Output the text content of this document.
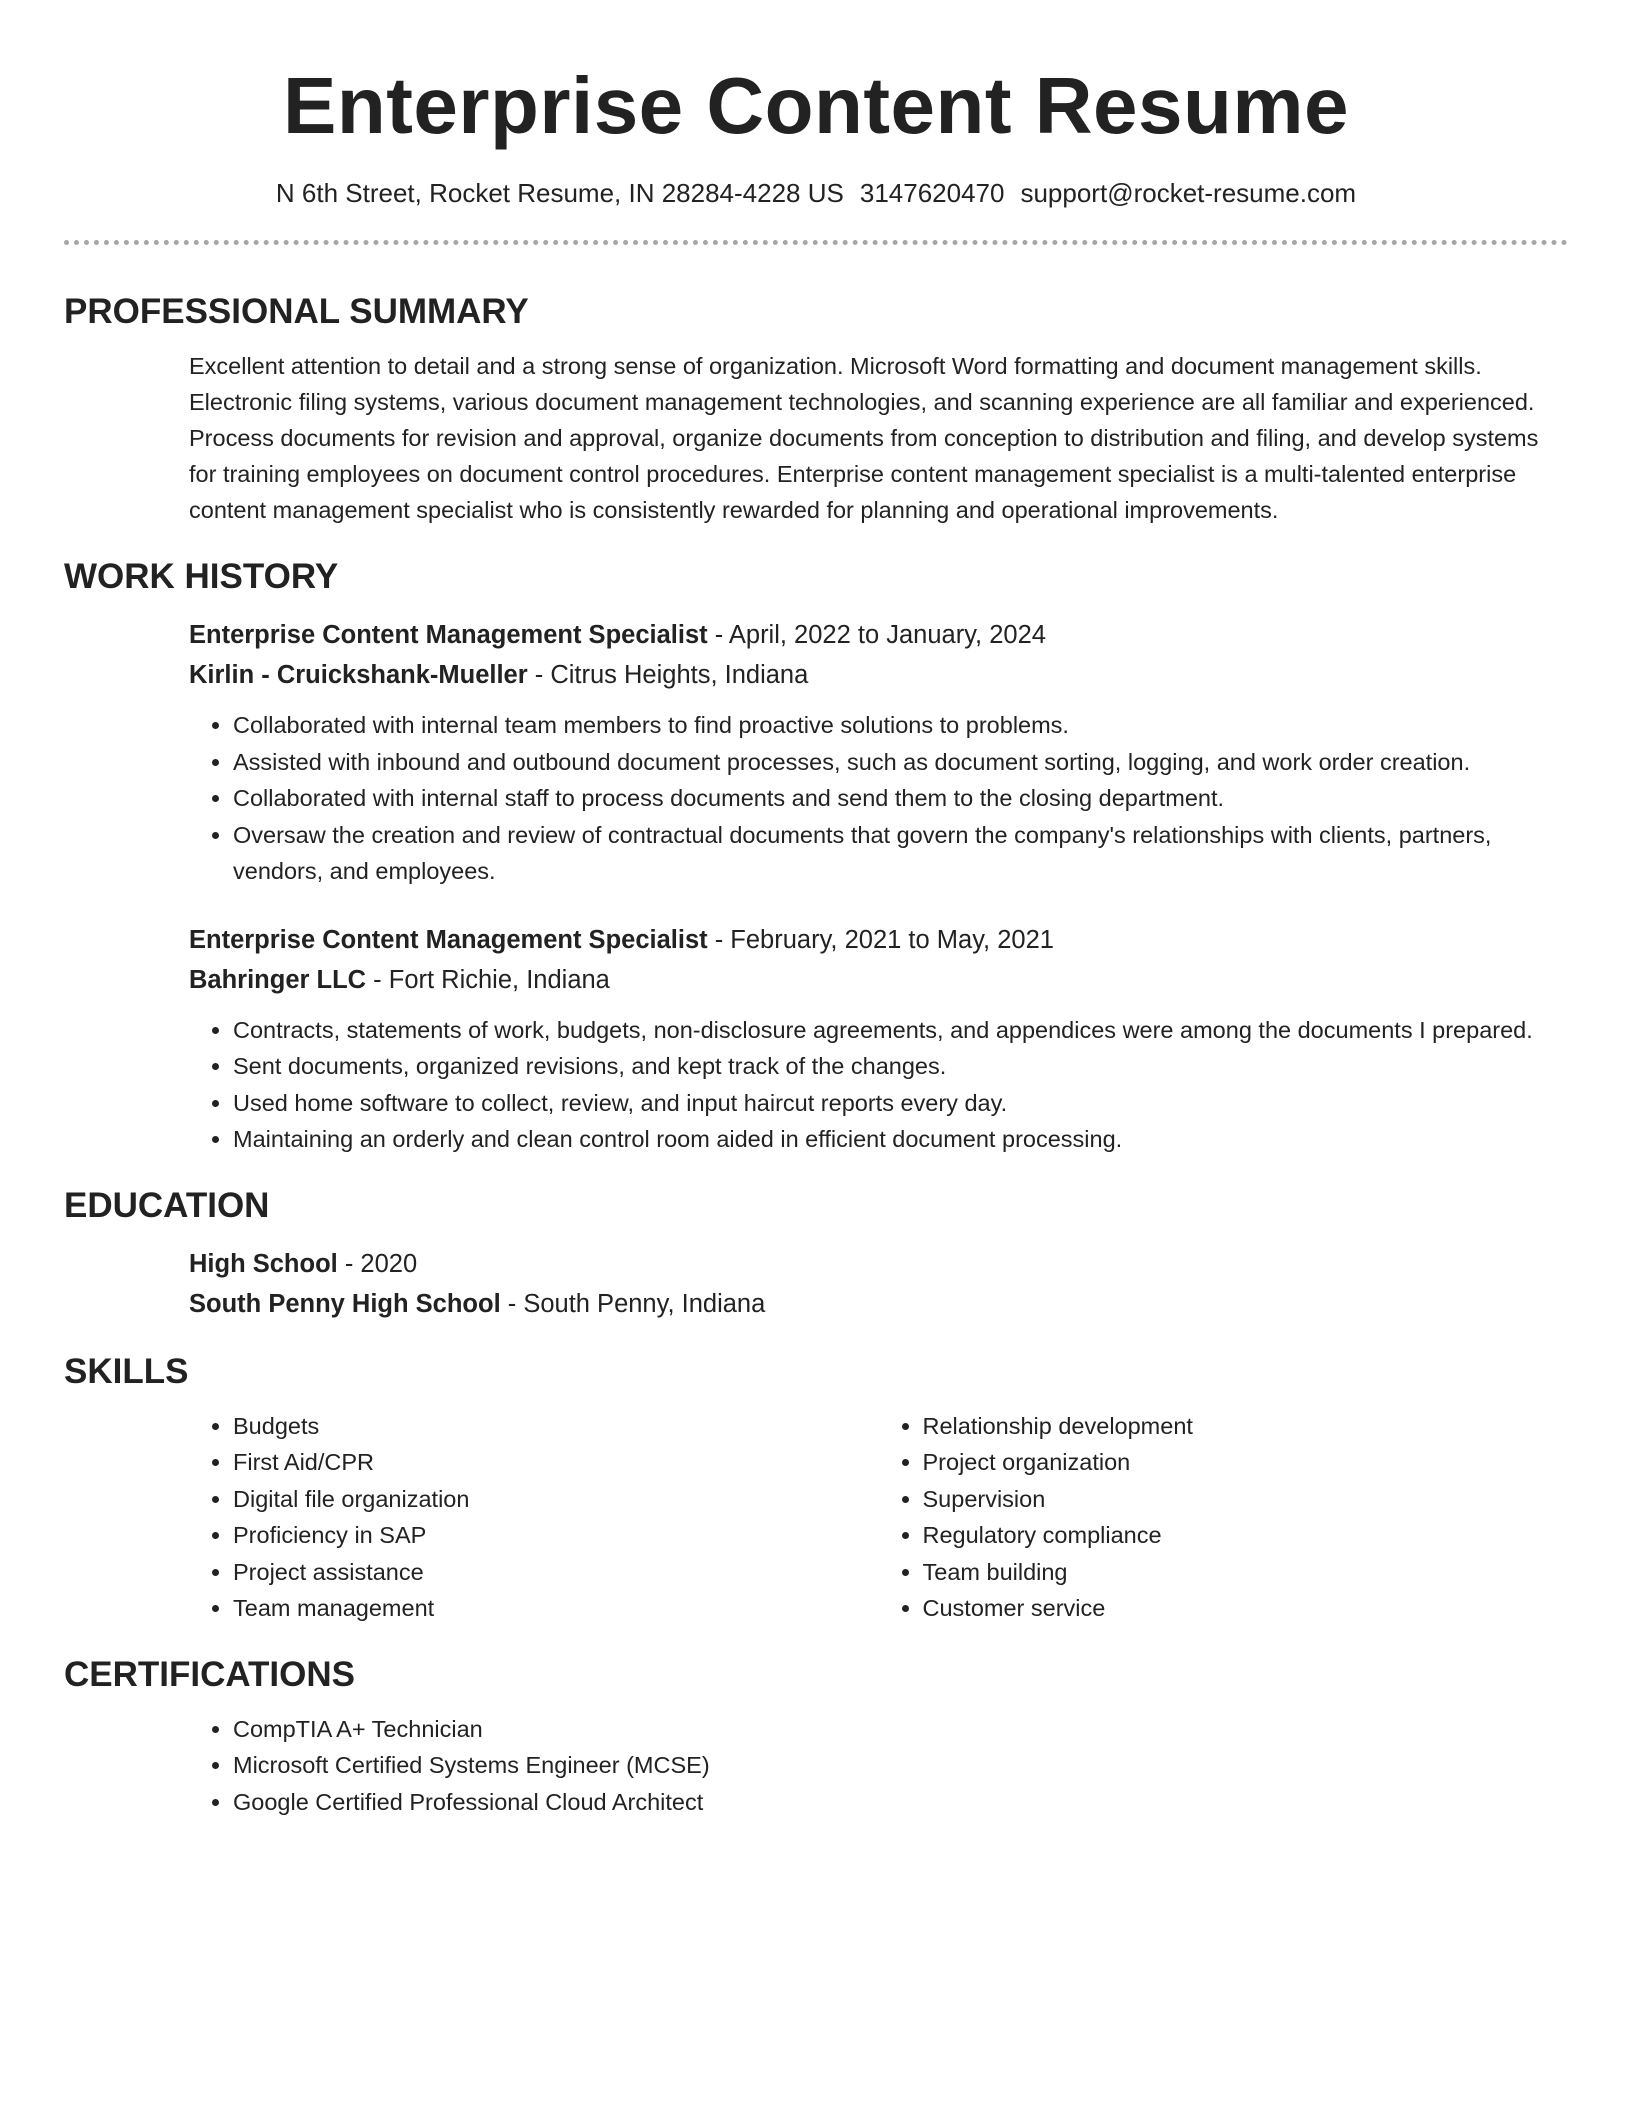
Enterprise Content Resume
N 6th Street, Rocket Resume, IN 28284-4228 US 3147620470 support@rocket-resume.com
PROFESSIONAL SUMMARY

Excellent attention to detail and a strong sense of organization. Microsoft Word formatting and document management skills. Electronic filing systems, various document management technologies, and scanning experience are all familiar and experienced. Process documents for revision and approval, organize documents from conception to distribution and filing, and develop systems for training employees on document control procedures. Enterprise content management specialist is a multi-talented enterprise content management specialist who is consistently rewarded for planning and operational improvements.

WORK HISTORY
Enterprise Content Management Specialist - April, 2022 to January, 2024
Kirlin - Cruickshank-Mueller - Citrus Heights, Indiana
• Collaborated with internal team members to find proactive solutions to problems.
• Assisted with inbound and outbound document processes, such as document sorting, logging, and work order creation.
• Collaborated with internal staff to process documents and send them to the closing department.
• Oversaw the creation and review of contractual documents that govern the company's relationships with clients, partners, vendors, and employees.
Enterprise Content Management Specialist - February, 2021 to May, 2021
Bahringer LLC - Fort Richie, Indiana
• Contracts, statements of work, budgets, non-disclosure agreements, and appendices were among the documents I prepared.
• Sent documents, organized revisions, and kept track of the changes.
• Used home software to collect, review, and input haircut reports every day.
• Maintaining an orderly and clean control room aided in efficient document processing.
EDUCATION
High School - 2020
South Penny High School - South Penny, Indiana
SKILLS
• Budgets
• First Aid/CPR
• Digital file organization
• Proficiency in SAP
• Project assistance
• Team management
• Relationship development
• Project organization
• Supervision
• Regulatory compliance
• Team building
• Customer service
CERTIFICATIONS
• CompTIA A+ Technician
• Microsoft Certified Systems Engineer (MCSE)
• Google Certified Professional Cloud Architect
